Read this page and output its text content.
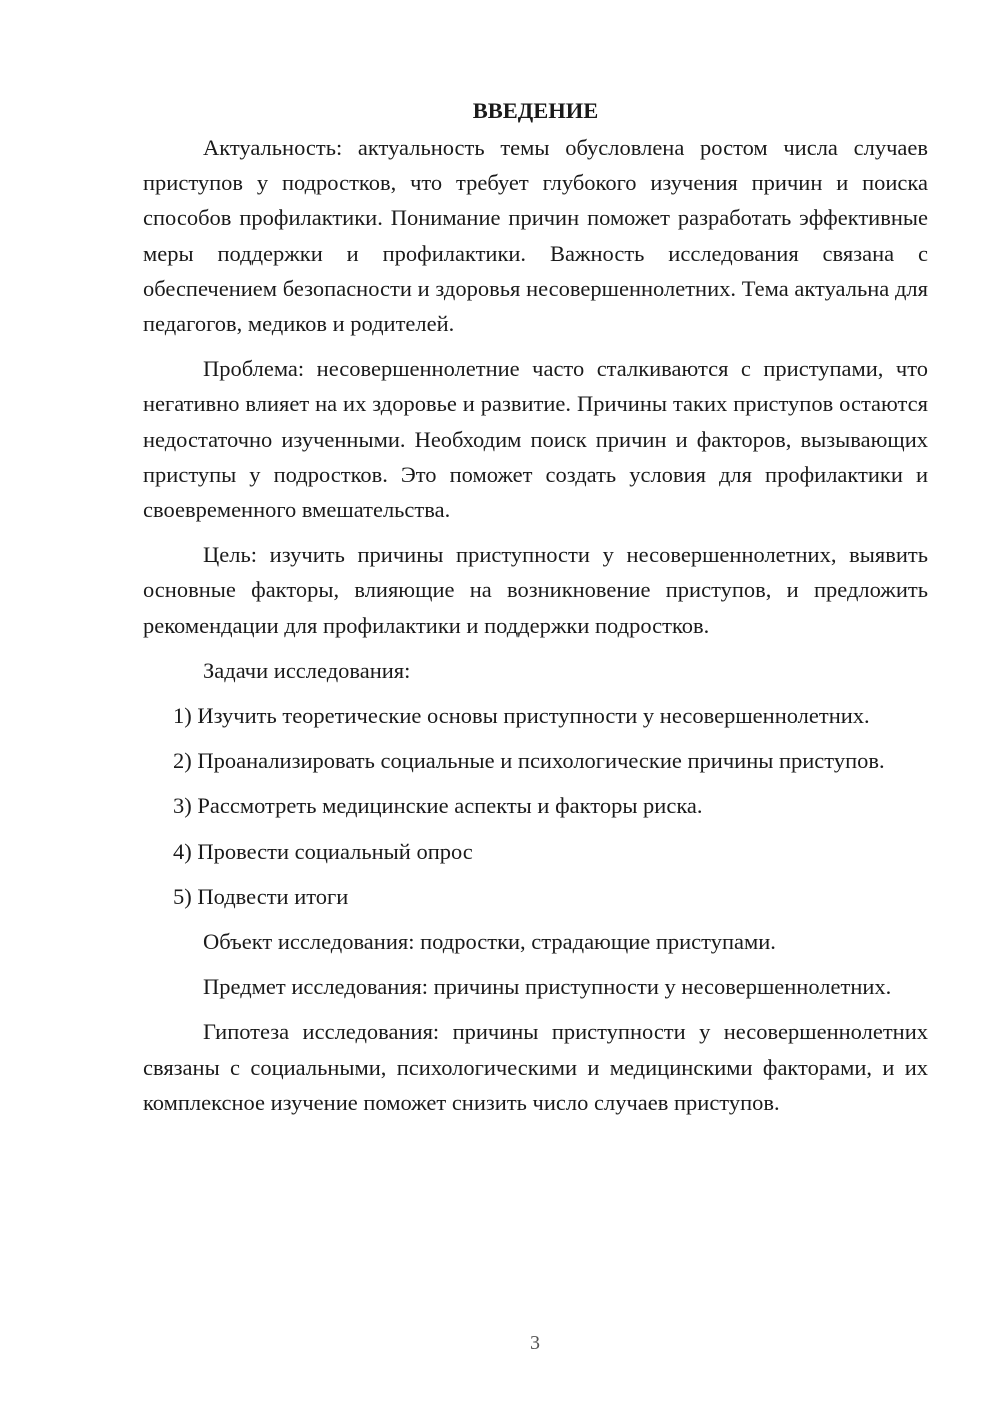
ВВЕДЕНИЕ

Актуальность: актуальность темы обусловлена ростом числа случаев приступов у подростков, что требует глубокого изучения причин и поиска способов профилактики. Понимание причин поможет разработать эффективные меры поддержки и профилактики. Важность исследования связана с обеспечением безопасности и здоровья несовершеннолетних. Тема актуальна для педагогов, медиков и родителей.

Проблема: несовершеннолетние часто сталкиваются с приступами, что негативно влияет на их здоровье и развитие. Причины таких приступов остаются недостаточно изученными. Необходим поиск причин и факторов, вызывающих приступы у подростков. Это поможет создать условия для профилактики и своевременного вмешательства.

Цель: изучить причины приступности у несовершеннолетних, выявить основные факторы, влияющие на возникновение приступов, и предложить рекомендации для профилактики и поддержки подростков.

Задачи исследования:

1) Изучить теоретические основы приступности у несовершеннолетних.

2) Проанализировать социальные и психологические причины приступов.

3) Рассмотреть медицинские аспекты и факторы риска.

4) Провести социальный опрос

5) Подвести итоги

Объект исследования: подростки, страдающие приступами.

Предмет исследования: причины приступности у несовершеннолетних.

Гипотеза исследования: причины приступности у несовершеннолетних связаны с социальными, психологическими и медицинскими факторами, и их комплексное изучение поможет снизить число случаев приступов.

3
